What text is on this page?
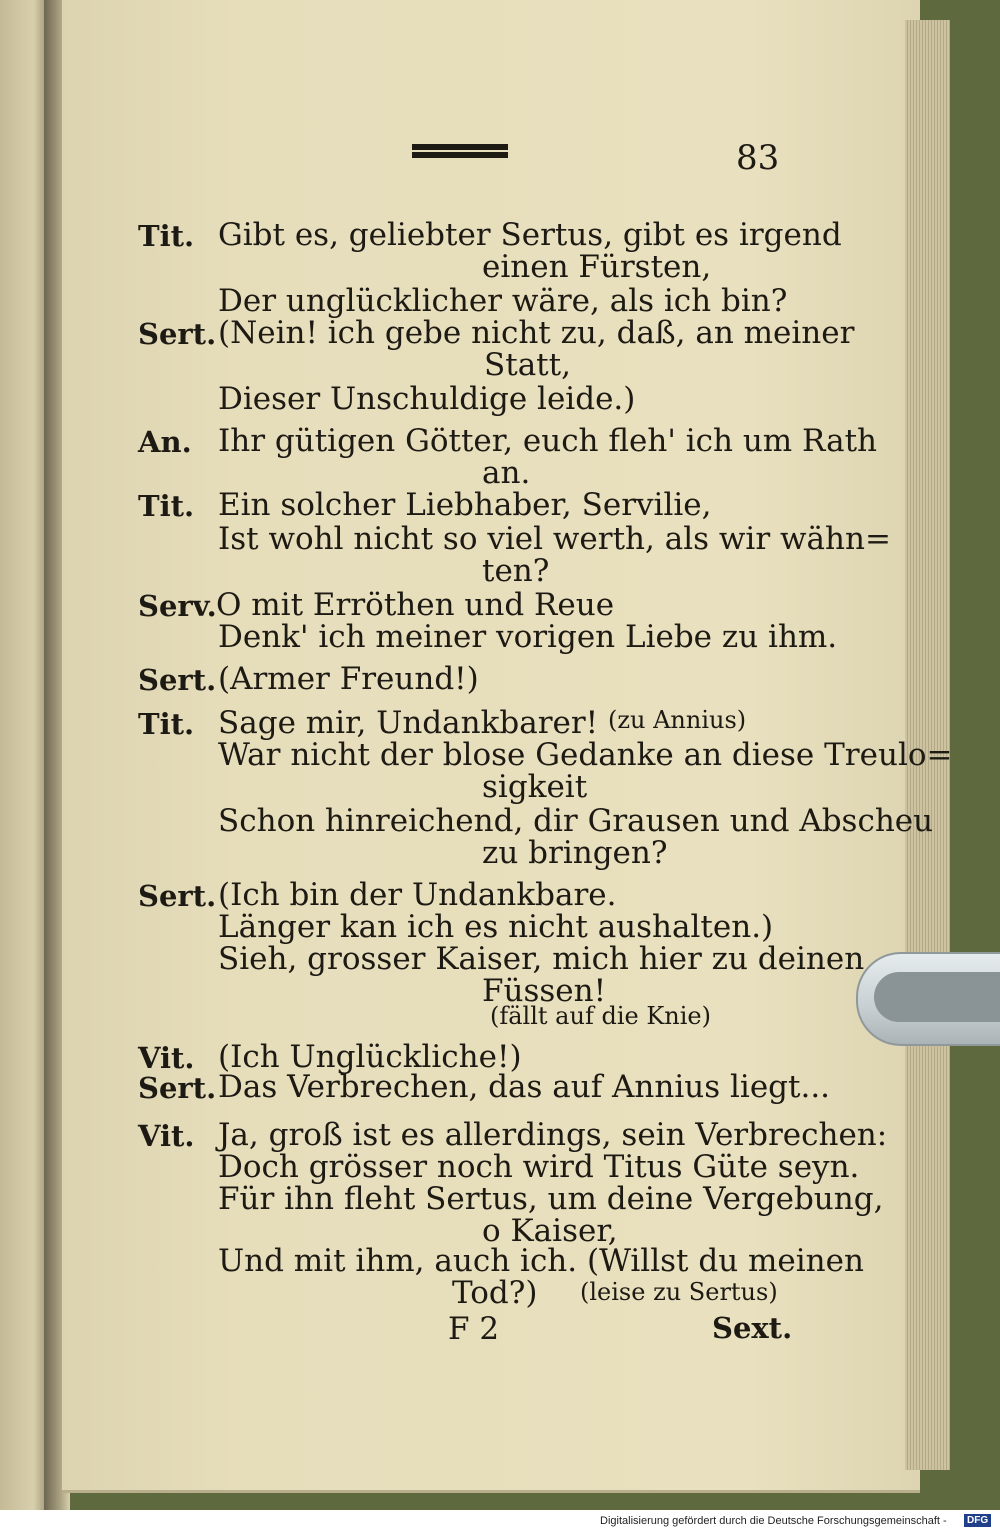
83
Tit. Gibt es, geliebter Sertus, gibt es irgend
einen Fürsten,
Der unglücklicher wäre, als ich bin?
Sert. (Nein! ich gebe nicht zu, daß, an meiner
Statt,
Dieser Unschuldige leide.)
An. Ihr gütigen Götter, euch fleh' ich um Rath
an.
Tit. Ein solcher Liebhaber, Servilie,
Ist wohl nicht so viel werth, als wir wähn=
ten?
Serv. O mit Erröthen und Reue
Denk' ich meiner vorigen Liebe zu ihm.
Sert. (Armer Freund!)
Tit. Sage mir, Undankbarer! (zu Annius)
War nicht der blose Gedanke an diese Treulo=
sigkeit
Schon hinreichend, dir Grausen und Abscheu
zu bringen?
Sert. (Ich bin der Undankbare.
Länger kan ich es nicht aushalten.)
Sieh, grosser Kaiser, mich hier zu deinen
Füssen!
(fällt auf die Knie)
Vit. (Ich Unglückliche!)
Sert. Das Verbrechen, das auf Annius liegt...
Vit. Ja, groß ist es allerdings, sein Verbrechen:
Doch grösser noch wird Titus Güte seyn.
Für ihn fleht Sertus, um deine Vergebung,
o Kaiser,
Und mit ihm, auch ich. (Willst du meinen
Tod?) (leise zu Sertus)
F 2	Sext.
Digitalisierung gefördert durch die Deutsche Forschungsgemeinschaft -	DFG
